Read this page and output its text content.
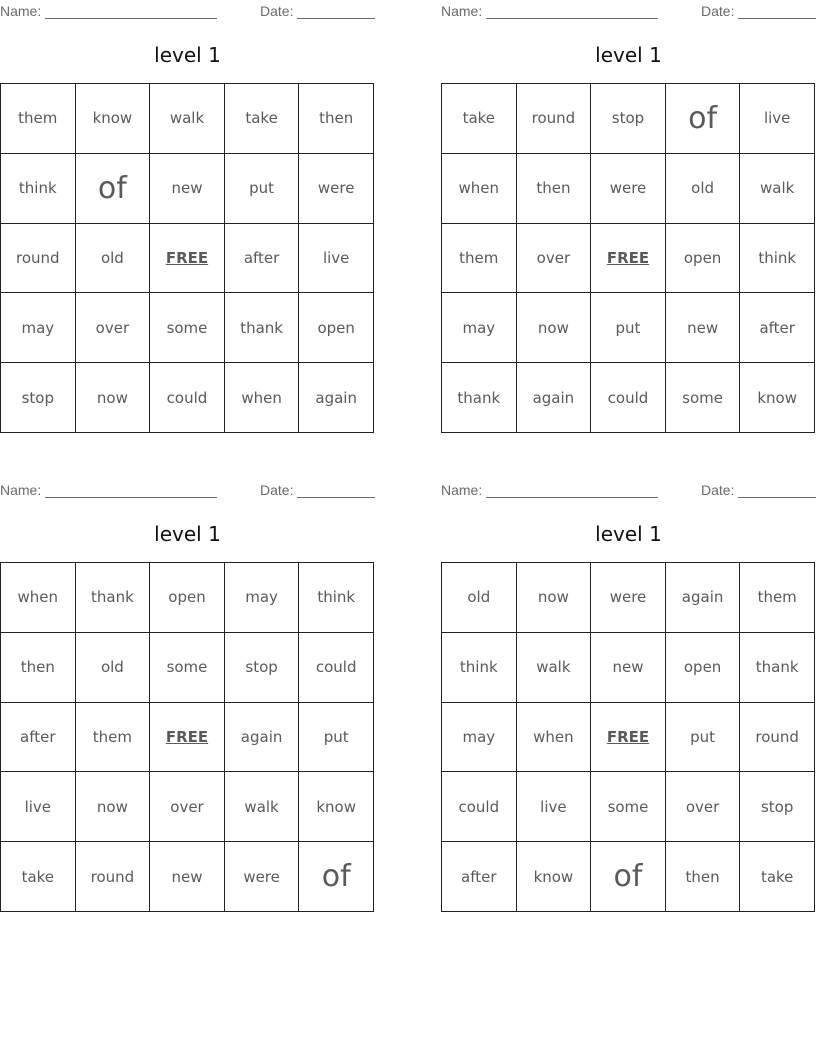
Name:	Date:
level 1
them	know	walk	take	then
think	of	new	put	were
round	old	FREE	after	live
may	over	some	thank	open
stop	now	could	when	again
Name:	Date:
level 1
take	round	stop	of	live
when	then	were	old	walk
them	over	FREE	open	think
may	now	put	new	after
thank	again	could	some	know
Name:	Date:
level 1
when	thank	open	may	think
then	old	some	stop	could
after	them	FREE	again	put
live	now	over	walk	know
take	round	new	were	of
Name:	Date:
level 1
old	now	were	again	them
think	walk	new	open	thank
may	when	FREE	put	round
could	live	some	over	stop
after	know	of	then	take
